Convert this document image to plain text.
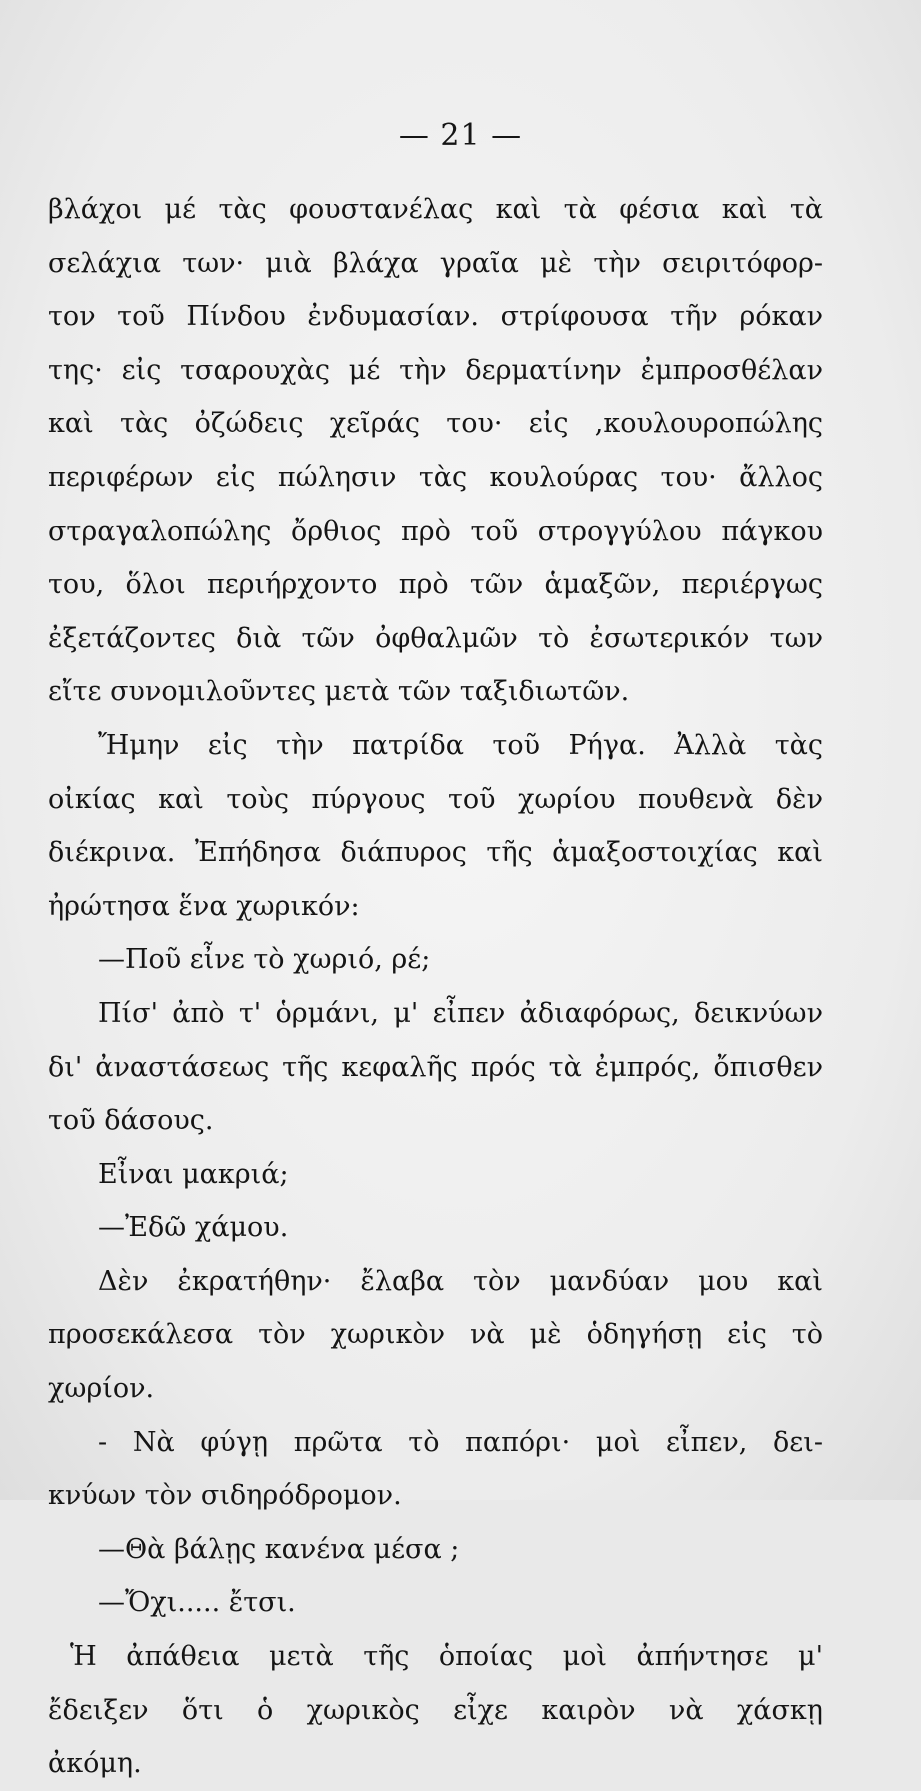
— 21 —
βλάχοι μέ τὰς φουστανέλας καὶ τὰ φέσια καὶ τὰ
σελάχια των· μιὰ βλάχα γραῖα μὲ τὴν σειριτόφορ-
τον τοῦ Πίνδου ἐνδυμασίαν. στρίφουσα τῆν ρόκαν
της· εἰς τσαρουχὰς μέ τὴν δερματίνην ἐμπροσθέλαν
καὶ τὰς ὀζώδεις χεῖράς του· εἰς ,κουλουροπώλης
περιφέρων εἰς πώλησιν τὰς κουλούρας του· ἄλλος
στραγαλοπώλης ὄρθιος πρὸ τοῦ στρογγύλου πάγκου
του, ὅλοι περιήρχοντο πρὸ τῶν ἁμαξῶν, περιέργως
ἐξετάζοντες διὰ τῶν ὀφθαλμῶν τὸ ἐσωτερικόν των
εἴτε συνομιλοῦντες μετὰ τῶν ταξιδιωτῶν.
Ἤμην εἰς τὴν πατρίδα τοῦ Ρήγα. Ἀλλὰ τὰς
οἰκίας καὶ τοὺς πύργους τοῦ χωρίου πουθενὰ δὲν
διέκρινα. Ἐπήδησα διάπυρος τῆς ἁμαξοστοιχίας καὶ
ἠρώτησα ἕνα χωρικόν:
—Ποῦ εἶνε τὸ χωριό, ρέ;
Πίσ' ἀπὸ τ' ὁρμάνι, μ' εἶπεν ἀδιαφόρως, δεικνύων
δι' ἀναστάσεως τῆς κεφαλῆς πρός τὰ ἐμπρός, ὄπισθεν
τοῦ δάσους.
Εἶναι μακριά;
—Ἐδῶ χάμου.
Δὲν ἐκρατήθην· ἔλαβα τὸν μανδύαν μου καὶ
προσεκάλεσα τὸν χωρικὸν νὰ μὲ ὁδηγήσῃ εἰς τὸ
χωρίον.
- Νὰ φύγῃ πρῶτα τὸ παπόρι· μοὶ εἶπεν, δει-
κνύων τὸν σιδηρόδρομον.
—Θὰ βάλῃς κανένα μέσα ;
—Ὄχι..... ἔτσι.
Ἡ ἀπάθεια μετὰ τῆς ὁποίας μοὶ ἀπήντησε μ'
ἔδειξεν ὅτι ὁ χωρικὸς εἶχε καιρὸν νὰ χάσκῃ
ἀκόμη.
